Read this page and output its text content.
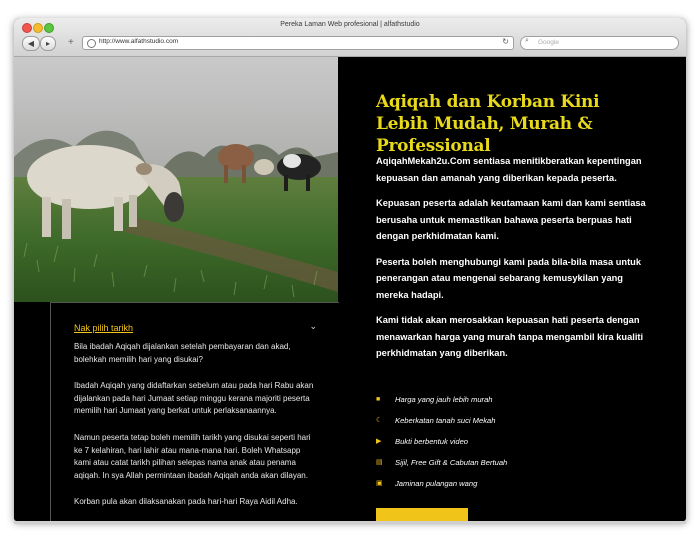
Pereka Laman Web profesional | alfathstudio
◀	▸	+	http://www.alfathstudio.com	↻ ⌕ Google
Nak pilih tarikh	⌄

Bila ibadah Aqiqah dijalankan setelah pembayaran dan akad, bolehkah memilih hari yang disukai?

Ibadah Aqiqah yang didaftarkan sebelum atau pada hari Rabu akan dijalankan pada hari Jumaat setiap minggu kerana majoriti peserta memilih hari Jumaat yang berkat untuk perlaksanaannya.

Namun peserta tetap boleh memilih tarikh yang disukai seperti hari ke 7 kelahiran, hari lahir atau mana-mana hari. Boleh Whatsapp kami atau catat tarikh pilihan selepas nama anak atau penama aqiqah. In sya Allah permintaan ibadah Aqiqah anda akan dilayan.

Korban pula akan dilaksanakan pada hari-hari Raya Aidil Adha.

Aqiqah dan Korban Kini Lebih Mudah, Murah & Professional

AqiqahMekah2u.Com sentiasa menitikberatkan kepentingan kepuasan dan amanah yang diberikan kepada peserta.

Kepuasan peserta adalah keutamaan kami dan kami sentiasa berusaha untuk memastikan bahawa peserta berpuas hati dengan perkhidmatan kami.

Peserta boleh menghubungi kami pada bila-bila masa untuk penerangan atau mengenai sebarang kemusykilan yang mereka hadapi.

Kami tidak akan merosakkan kepuasan hati peserta dengan menawarkan harga yang murah tanpa mengambil kira kualiti perkhidmatan yang diberikan.

■	Harga yang jauh lebih murah
☾ Keberkatan tanah suci Mekah
▶ Bukti berbentuk video
▤ Sijil, Free Gift & Cabutan Bertuah
▣ Jaminan pulangan wang
